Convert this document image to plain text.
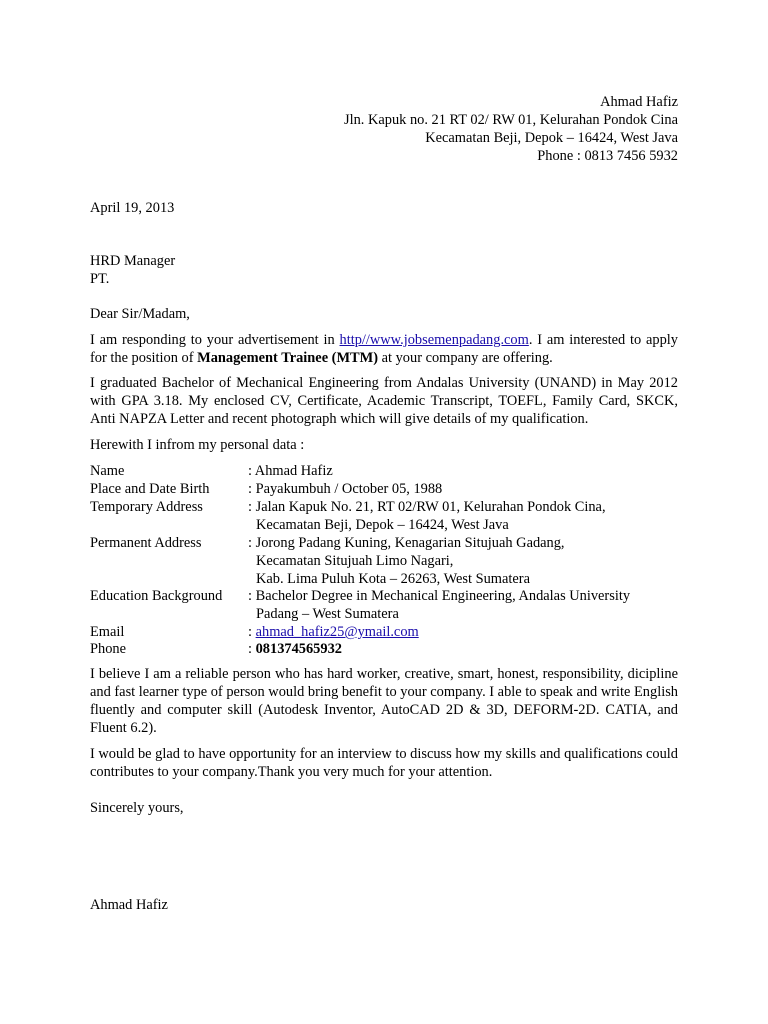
Ahmad Hafiz
Jln. Kapuk no. 21 RT 02/ RW 01, Kelurahan Pondok Cina
Kecamatan Beji, Depok – 16424, West Java
Phone : 0813 7456 5932
April 19, 2013
HRD Manager
PT.
Dear Sir/Madam,
I am responding to your advertisement in http//www.jobsemenpadang.com. I am interested to apply for the position of Management Trainee (MTM) at your company are offering.
I graduated Bachelor of Mechanical Engineering from Andalas University (UNAND) in May 2012 with GPA 3.18. My enclosed CV, Certificate, Academic Transcript, TOEFL, Family Card, SKCK, Anti NAPZA Letter and recent photograph which will give details of my qualification.
Herewith I infrom my personal data :
Name	: Ahmad Hafiz
Place and Date Birth	: Payakumbuh / October 05, 1988
Temporary Address	: Jalan Kapuk No. 21, RT 02/RW 01, Kelurahan Pondok Cina,
Kecamatan Beji, Depok – 16424, West Java
Permanent Address	: Jorong Padang Kuning, Kenagarian Situjuah Gadang,
Kecamatan Situjuah Limo Nagari,
Kab. Lima Puluh Kota – 26263, West Sumatera
Education Background : Bachelor Degree in Mechanical Engineering, Andalas University
Padang – West Sumatera
Email	: ahmad_hafiz25@ymail.com
Phone	: 081374565932
I believe I am a reliable person who has hard worker, creative, smart, honest, responsibility, dicipline and fast learner type of person would bring benefit to your company. I able to speak and write English fluently and computer skill (Autodesk Inventor, AutoCAD 2D & 3D, DEFORM-2D. CATIA, and Fluent 6.2).
I would be glad to have opportunity for an interview to discuss how my skills and qualifications could contributes to your company.Thank you very much for your attention.
Sincerely yours,
Ahmad Hafiz
